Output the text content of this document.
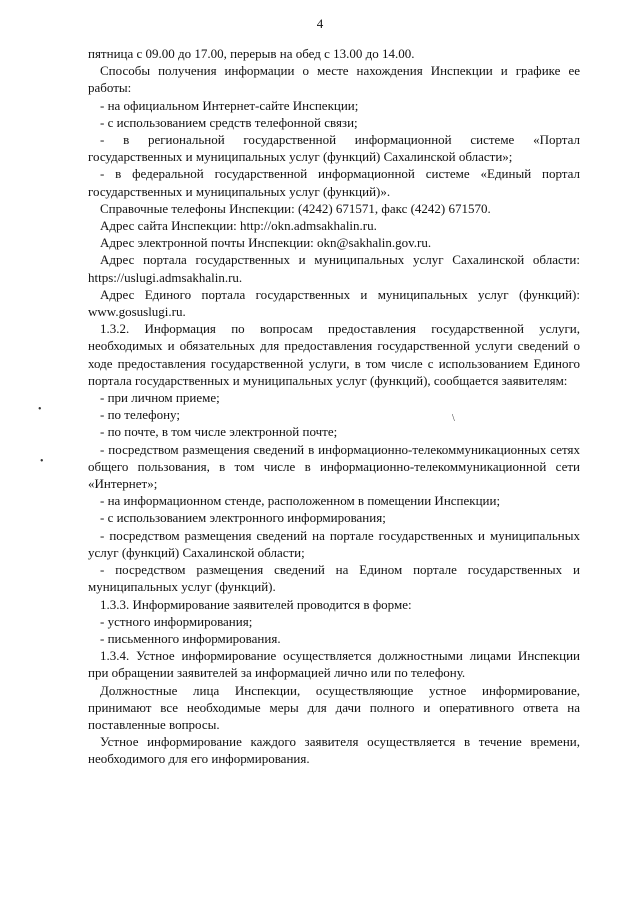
4

пятница с 09.00 до 17.00, перерыв на обед с 13.00 до 14.00.

Способы получения информации о месте нахождения Инспекции и графике ее работы:

- на официальном Интернет-сайте Инспекции;

- с использованием средств телефонной связи;

- в региональной государственной информационной системе «Портал государственных и муниципальных услуг (функций) Сахалинской области»;

- в федеральной государственной информационной системе «Единый портал государственных и муниципальных услуг (функций)».

Справочные телефоны Инспекции: (4242) 671571, факс (4242) 671570.

Адрес сайта Инспекции: http://okn.admsakhalin.ru.

Адрес электронной почты Инспекции: okn@sakhalin.gov.ru.

Адрес портала государственных и муниципальных услуг Сахалинской области: https://uslugi.admsakhalin.ru.

Адрес Единого портала государственных и муниципальных услуг (функций): www.gosuslugi.ru.

1.3.2. Информация по вопросам предоставления государственной услуги, необходимых и обязательных для предоставления государственной услуги сведений о ходе предоставления государственной услуги, в том числе с использованием Единого портала государственных и муниципальных услуг (функций), сообщается заявителям:

- при личном приеме;

- по телефону;

- по почте, в том числе электронной почте;

- посредством размещения сведений в информационно-телекоммуникационных сетях общего пользования, в том числе в информационно-телекоммуникационной сети «Интернет»;

- на информационном стенде, расположенном в помещении Инспекции;

- с использованием электронного информирования;

- посредством размещения сведений на портале государственных и муниципальных услуг (функций) Сахалинской области;

- посредством размещения сведений на Едином портале государственных и муниципальных услуг (функций).

1.3.3. Информирование заявителей проводится в форме:

- устного информирования;

- письменного информирования.

1.3.4. Устное информирование осуществляется должностными лицами Инспекции при обращении заявителей за информацией лично или по телефону.

Должностные лица Инспекции, осуществляющие устное информирование, принимают все необходимые меры для дачи полного и оперативного ответа на поставленные вопросы.

Устное информирование каждого заявителя осуществляется в течение времени, необходимого для его информирования.

•
•
\
